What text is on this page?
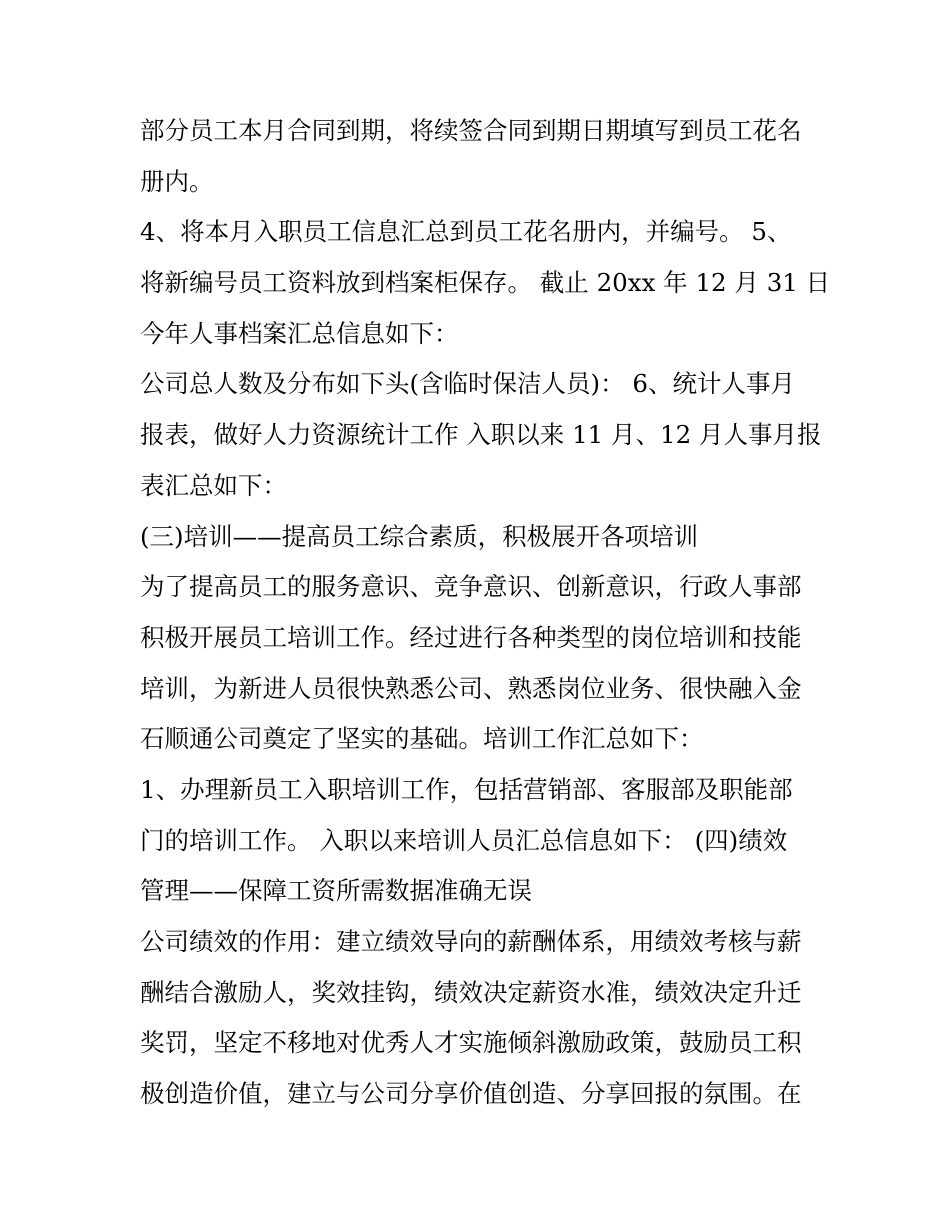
部分员工本月合同到期，将续签合同到期日期填写到员工花名
册内。
4、将本月入职员工信息汇总到员工花名册内，并编号。 5、
将新编号员工资料放到档案柜保存。 截止 20xx 年 12 月 31 日
今年人事档案汇总信息如下：
公司总人数及分布如下头(含临时保洁人员)： 6、统计人事月
报表，做好人力资源统计工作 入职以来 11 月、12 月人事月报
表汇总如下：
(三)培训——提高员工综合素质，积极展开各项培训
为了提高员工的服务意识、竞争意识、创新意识，行政人事部
积极开展员工培训工作。经过进行各种类型的岗位培训和技能
培训，为新进人员很快熟悉公司、熟悉岗位业务、很快融入金
石顺通公司奠定了坚实的基础。培训工作汇总如下：
1、办理新员工入职培训工作，包括营销部、客服部及职能部
门的培训工作。 入职以来培训人员汇总信息如下： (四)绩效
管理——保障工资所需数据准确无误
公司绩效的作用：建立绩效导向的薪酬体系，用绩效考核与薪
酬结合激励人，奖效挂钩，绩效决定薪资水准，绩效决定升迁
奖罚，坚定不移地对优秀人才实施倾斜激励政策，鼓励员工积
极创造价值，建立与公司分享价值创造、分享回报的氛围。在
